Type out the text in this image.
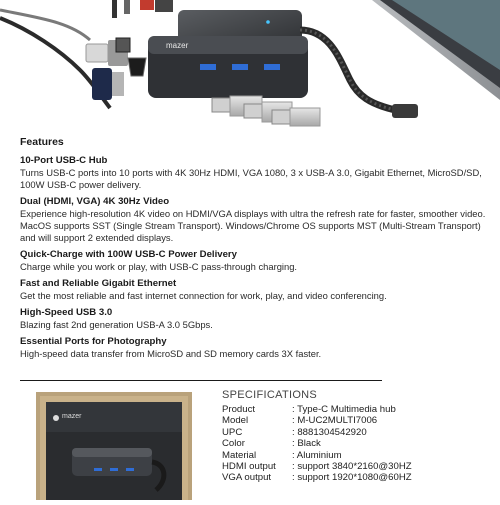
mazer
Features
10-Port USB-C Hub
Turns USB-C ports into 10 ports with 4K 30Hz HDMI, VGA 1080, 3 x USB-A 3.0, Gigabit Ethernet, MicroSD/SD, 100W USB-C power delivery.
Dual (HDMI, VGA) 4K 30Hz Video
Experience high-resolution 4K video on HDMI/VGA displays with ultra the refresh rate for faster, smoother video. MacOS supports SST (Single Stream Transport). Windows/Chrome OS supports MST (Multi-Stream Transport) and will support 2 extended displays.
Quick-Charge with 100W USB-C Power Delivery
Charge while you work or play, with USB-C pass-through charging.
Fast and Reliable Gigabit Ethernet
Get the most reliable and fast internet connection for work, play, and video conferencing.
High-Speed USB 3.0
Blazing fast 2nd generation USB-A 3.0 5Gbps.
Essential Ports for Photography
High-speed data transfer from MicroSD and SD memory cards 3X faster.
mazer
SPECIFICATIONS
Product	: Type-C Multimedia hub
Model	: M-UC2MULTI7006
UPC	: 8881304542920
Color	: Black
Material	: Aluminium
HDMI output	: support 3840*2160@30HZ
VGA output	: support 1920*1080@60HZ
